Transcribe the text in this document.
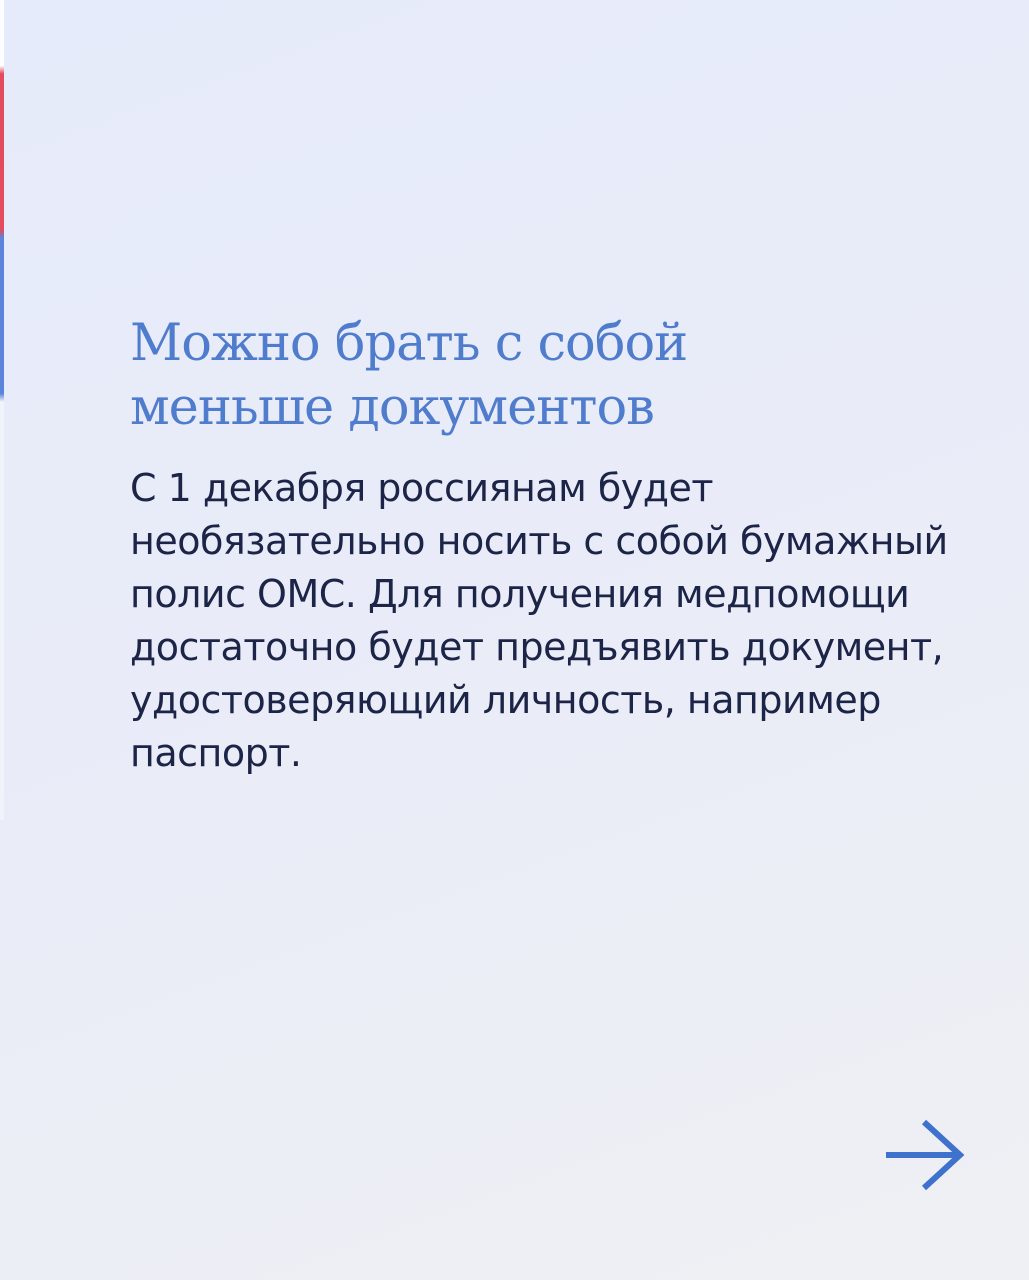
Можно брать с собой
меньше документов
С 1 декабря россиянам будет
необязательно носить с собой бумажный
полис ОМС. Для получения медпомощи
достаточно будет предъявить документ,
удостоверяющий личность, например
паспорт.
